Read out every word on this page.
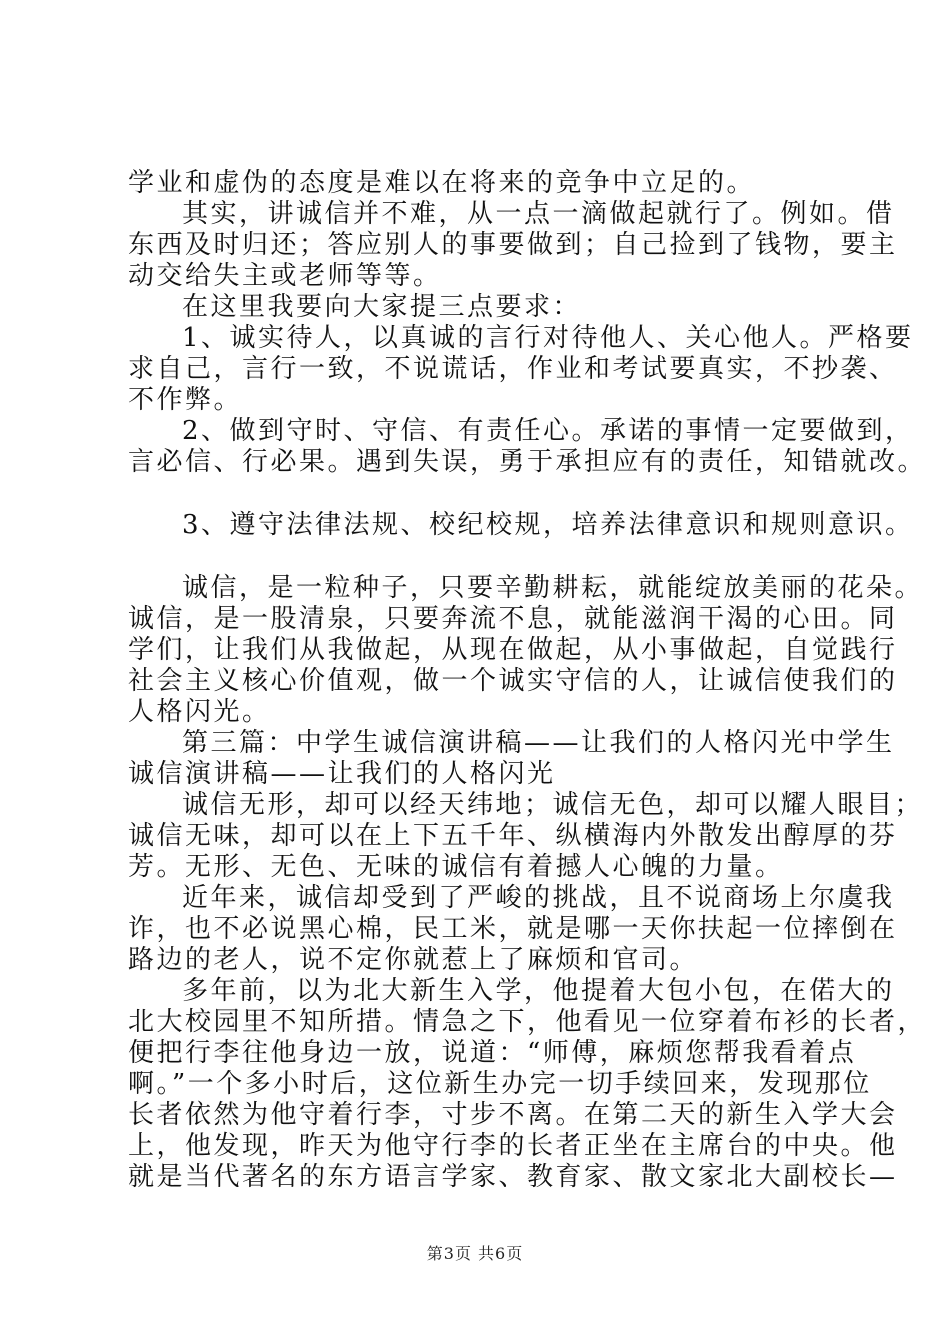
学业和虚伪的态度是难以在将来的竞争中立足的。
其实，讲诚信并不难，从一点一滴做起就行了。例如。借
东西及时归还；答应别人的事要做到；自己捡到了钱物，要主
动交给失主或老师等等。
在这里我要向大家提三点要求：
1、诚实待人，以真诚的言行对待他人、关心他人。严格要
求自己，言行一致，不说谎话，作业和考试要真实，不抄袭、
不作弊。
2、做到守时、守信、有责任心。承诺的事情一定要做到，
言必信、行必果。遇到失误，勇于承担应有的责任，知错就改。
3、遵守法律法规、校纪校规，培养法律意识和规则意识。
诚信，是一粒种子，只要辛勤耕耘，就能绽放美丽的花朵。
诚信，是一股清泉，只要奔流不息，就能滋润干渴的心田。同
学们，让我们从我做起，从现在做起，从小事做起，自觉践行
社会主义核心价值观，做一个诚实守信的人，让诚信使我们的
人格闪光。
第三篇：中学生诚信演讲稿——让我们的人格闪光中学生
诚信演讲稿——让我们的人格闪光
诚信无形，却可以经天纬地；诚信无色，却可以耀人眼目；
诚信无味，却可以在上下五千年、纵横海内外散发出醇厚的芬
芳。无形、无色、无味的诚信有着撼人心魄的力量。
近年来，诚信却受到了严峻的挑战，且不说商场上尔虞我
诈，也不必说黑心棉，民工米，就是哪一天你扶起一位摔倒在
路边的老人，说不定你就惹上了麻烦和官司。
多年前，以为北大新生入学，他提着大包小包，在偌大的
北大校园里不知所措。情急之下，他看见一位穿着布衫的长者，
便把行李往他身边一放，说道：“师傅，麻烦您帮我看着点
啊。”一个多小时后，这位新生办完一切手续回来，发现那位
长者依然为他守着行李，寸步不离。在第二天的新生入学大会
上，他发现，昨天为他守行李的长者正坐在主席台的中央。他
就是当代著名的东方语言学家、教育家、散文家北大副校长—
第3页 共6页
